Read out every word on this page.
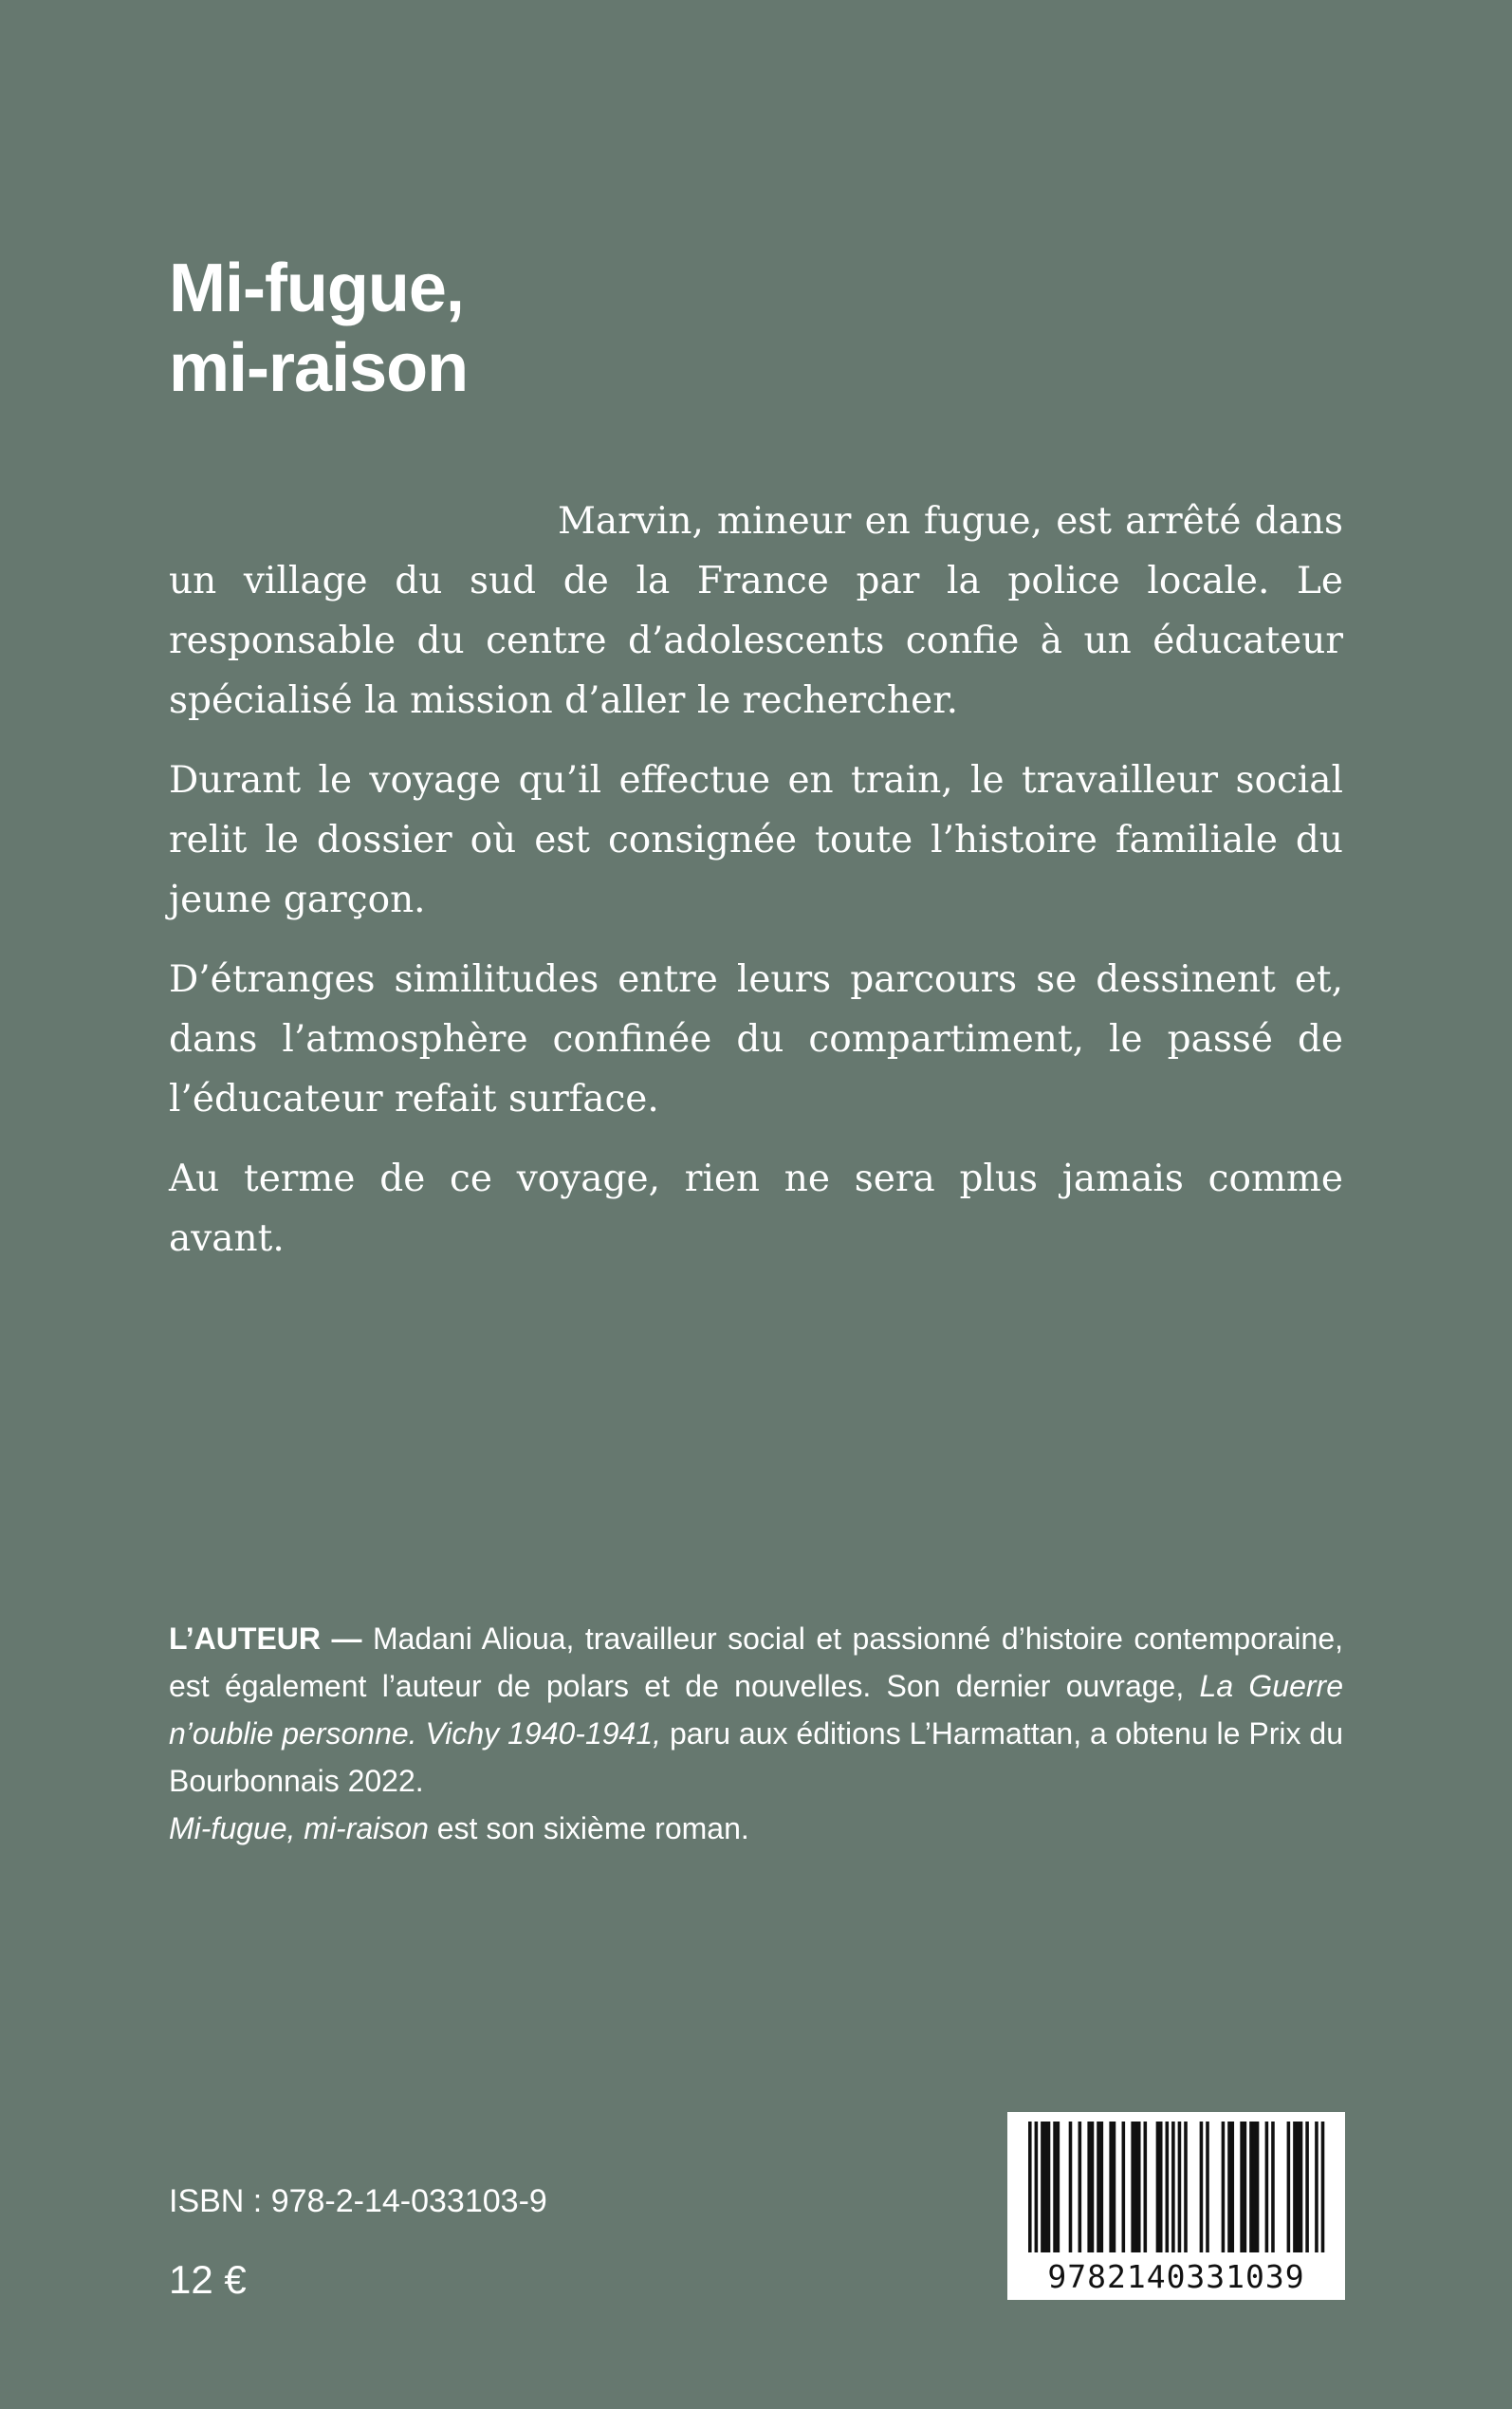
Mi-fugue,
mi-raison

Marvin, mineur en fugue, est arrêté dans un village du sud de la France par la police locale. Le responsable du centre d’adolescents confie à un éducateur spécialisé la mission d’aller le rechercher.

Durant le voyage qu’il effectue en train, le travailleur social relit le dossier où est consignée toute l’histoire familiale du jeune garçon.

D’étranges similitudes entre leurs parcours se dessinent et, dans l’atmosphère confinée du compartiment, le passé de l’éducateur refait surface.

Au terme de ce voyage, rien ne sera plus jamais comme avant.

L’AUTEUR — Madani Alioua, travailleur social et passionné d’histoire contemporaine, est également l’auteur de polars et de nouvelles. Son dernier ouvrage, La Guerre n’oublie personne. Vichy 1940-1941, paru aux éditions L’Harmattan, a obtenu le Prix du Bourbonnais 2022.

Mi-fugue, mi-raison est son sixième roman.

ISBN : 978-2-14-033103-9
12 €	9782140331039
